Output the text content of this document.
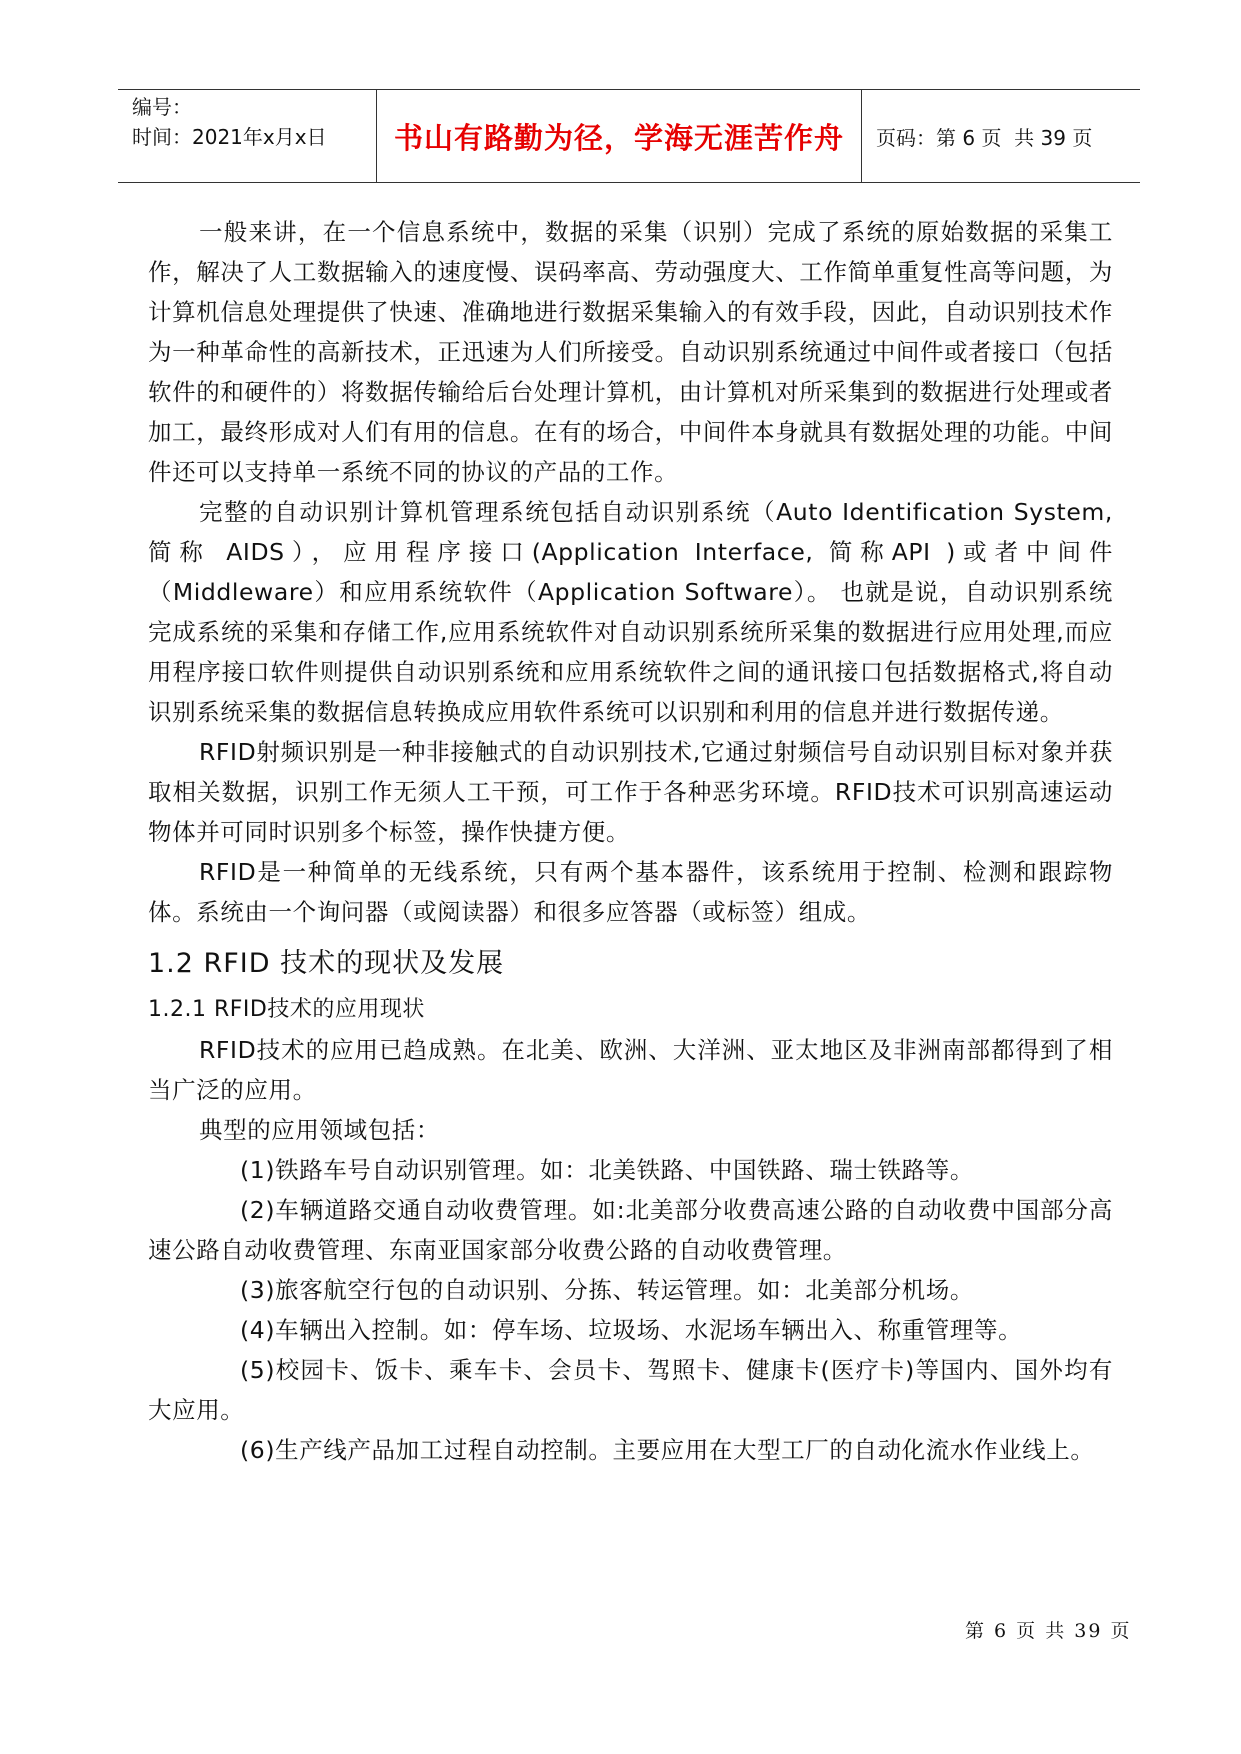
编号：
时间：2021年x月x日	书山有路勤为径，学海无涯苦作舟	页码：第 6 页  共 39 页

一般来讲，在一个信息系统中，数据的采集（识别）完成了系统的原始数据的采集工作，解决了人工数据输入的速度慢、误码率高、劳动强度大、工作简单重复性高等问题，为计算机信息处理提供了快速、准确地进行数据采集输入的有效手段，因此，自动识别技术作为一种革命性的高新技术，正迅速为人们所接受。自动识别系统通过中间件或者接口（包括软件的和硬件的）将数据传输给后台处理计算机，由计算机对所采集到的数据进行处理或者加工，最终形成对人们有用的信息。在有的场合，中间件本身就具有数据处理的功能。中间件还可以支持单一系统不同的协议的产品的工作。

完整的自动识别计算机管理系统包括自动识别系统（Auto Identification System, 简称 AIDS），应用程序接口(Application Interface, 简称API )或者中间件（Middleware）和应用系统软件（Application Software）。 也就是说，自动识别系统完成系统的采集和存储工作,应用系统软件对自动识别系统所采集的数据进行应用处理,而应用程序接口软件则提供自动识别系统和应用系统软件之间的通讯接口包括数据格式,将自动识别系统采集的数据信息转换成应用软件系统可以识别和利用的信息并进行数据传递。

RFID射频识别是一种非接触式的自动识别技术,它通过射频信号自动识别目标对象并获取相关数据，识别工作无须人工干预，可工作于各种恶劣环境。RFID技术可识别高速运动物体并可同时识别多个标签，操作快捷方便。

RFID是一种简单的无线系统，只有两个基本器件，该系统用于控制、检测和跟踪物体。系统由一个询问器（或阅读器）和很多应答器（或标签）组成。

1.2 RFID 技术的现状及发展
1.2.1 RFID技术的应用现状

RFID技术的应用已趋成熟。在北美、欧洲、大洋洲、亚太地区及非洲南部都得到了相当广泛的应用。

典型的应用领域包括：

(1)铁路车号自动识别管理。如：北美铁路、中国铁路、瑞士铁路等。

(2)车辆道路交通自动收费管理。如:北美部分收费高速公路的自动收费中国部分高速公路自动收费管理、东南亚国家部分收费公路的自动收费管理。

(3)旅客航空行包的自动识别、分拣、转运管理。如：北美部分机场。

(4)车辆出入控制。如：停车场、垃圾场、水泥场车辆出入、称重管理等。

(5)校园卡、饭卡、乘车卡、会员卡、驾照卡、健康卡(医疗卡)等国内、国外均有大应用。

(6)生产线产品加工过程自动控制。主要应用在大型工厂的自动化流水作业线上。

第 6 页 共 39 页
